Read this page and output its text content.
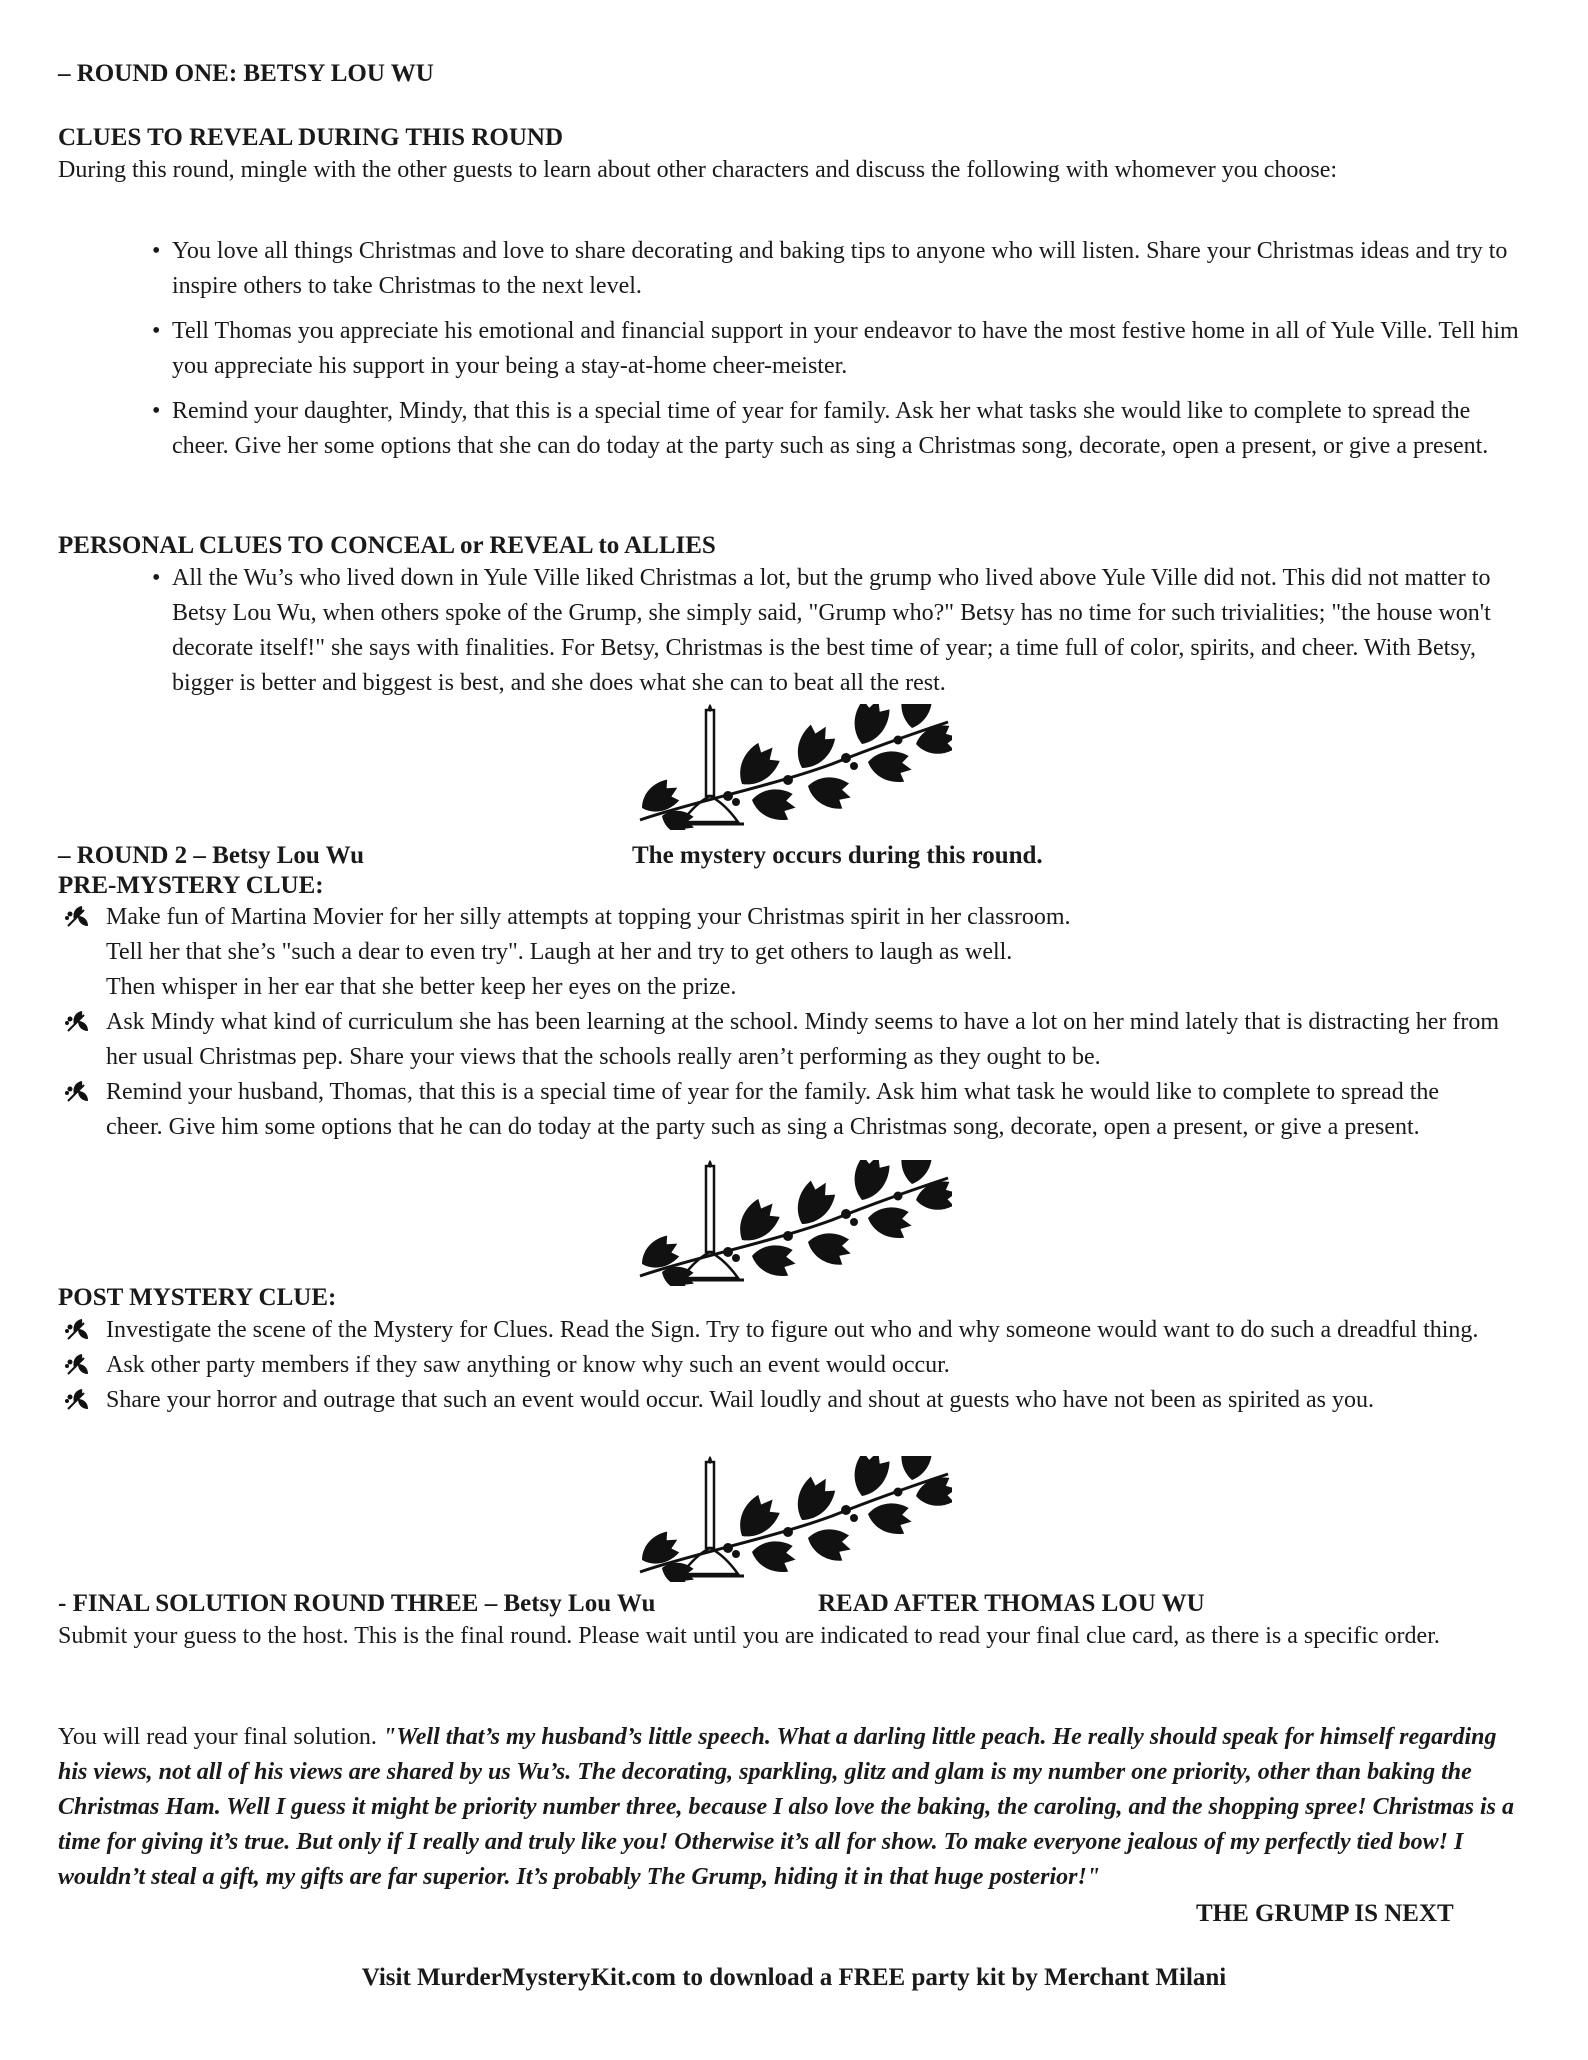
– ROUND ONE: BETSY LOU WU
CLUES TO REVEAL DURING THIS ROUND
During this round, mingle with the other guests to learn about other characters and discuss the following with whomever you choose:
• You love all things Christmas and love to share decorating and baking tips to anyone who will listen. Share your Christmas ideas and try to inspire others to take Christmas to the next level.
• Tell Thomas you appreciate his emotional and financial support in your endeavor to have the most festive home in all of Yule Ville. Tell him you appreciate his support in your being a stay-at-home cheer-meister.
• Remind your daughter, Mindy, that this is a special time of year for family. Ask her what tasks she would like to complete to spread the cheer. Give her some options that she can do today at the party such as sing a Christmas song, decorate, open a present, or give a present.
PERSONAL CLUES TO CONCEAL or REVEAL to ALLIES
• All the Wu’s who lived down in Yule Ville liked Christmas a lot, but the grump who lived above Yule Ville did not. This did not matter to Betsy Lou Wu, when others spoke of the Grump, she simply said, "Grump who?" Betsy has no time for such trivialities; "the house won't decorate itself!" she says with finalities. For Betsy, Christmas is the best time of year; a time full of color, spirits, and cheer. With Betsy, bigger is better and biggest is best, and she does what she can to beat all the rest.
– ROUND 2 – Betsy Lou Wu	The mystery occurs during this round.
PRE-MYSTERY CLUE:
Make fun of Martina Movier for her silly attempts at topping your Christmas spirit in her classroom.
Tell her that she’s "such a dear to even try". Laugh at her and try to get others to laugh as well.
Then whisper in her ear that she better keep her eyes on the prize.
Ask Mindy what kind of curriculum she has been learning at the school. Mindy seems to have a lot on her mind lately that is distracting her from her usual Christmas pep. Share your views that the schools really aren’t performing as they ought to be.
Remind your husband, Thomas, that this is a special time of year for the family. Ask him what task he would like to complete to spread the cheer. Give him some options that he can do today at the party such as sing a Christmas song, decorate, open a present, or give a present.
POST MYSTERY CLUE:
Investigate the scene of the Mystery for Clues. Read the Sign. Try to figure out who and why someone would want to do such a dreadful thing.
Ask other party members if they saw anything or know why such an event would occur.
Share your horror and outrage that such an event would occur. Wail loudly and shout at guests who have not been as spirited as you.
- FINAL SOLUTION ROUND THREE – Betsy Lou Wu	READ AFTER THOMAS LOU WU
Submit your guess to the host. This is the final round. Please wait until you are indicated to read your final clue card, as there is a specific order.
You will read your final solution. "Well that’s my husband’s little speech. What a darling little peach. He really should speak for himself regarding his views, not all of his views are shared by us Wu’s. The decorating, sparkling, glitz and glam is my number one priority, other than baking the Christmas Ham. Well I guess it might be priority number three, because I also love the baking, the caroling, and the shopping spree! Christmas is a time for giving it’s true. But only if I really and truly like you! Otherwise it’s all for show. To make everyone jealous of my perfectly tied bow! I wouldn’t steal a gift, my gifts are far superior. It’s probably The Grump, hiding it in that huge posterior!"
THE GRUMP IS NEXT
Visit MurderMysteryKit.com to download a FREE party kit by Merchant Milani
